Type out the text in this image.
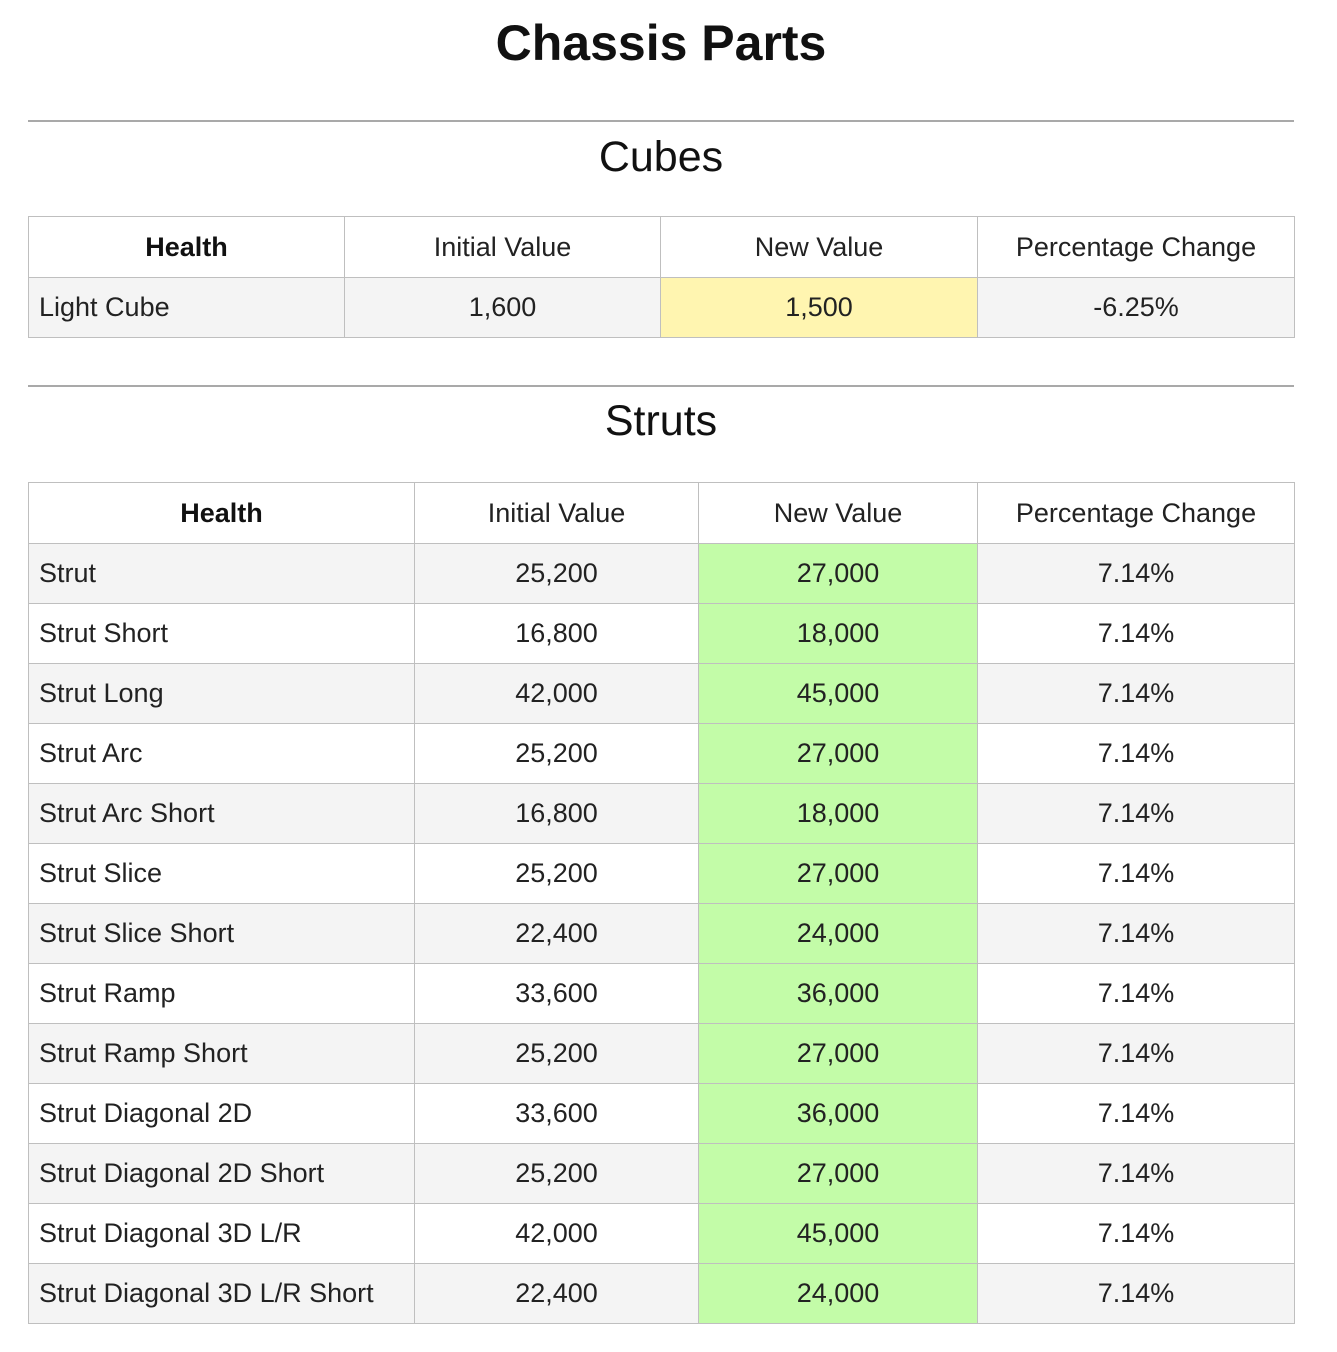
Chassis Parts
Cubes
Health	Initial Value	New Value	Percentage Change
Light Cube	1,600	1,500	-6.25%
Struts
Health	Initial Value	New Value	Percentage Change
Strut	25,200	27,000	7.14%
Strut Short	16,800	18,000	7.14%
Strut Long	42,000	45,000	7.14%
Strut Arc	25,200	27,000	7.14%
Strut Arc Short	16,800	18,000	7.14%
Strut Slice	25,200	27,000	7.14%
Strut Slice Short	22,400	24,000	7.14%
Strut Ramp	33,600	36,000	7.14%
Strut Ramp Short	25,200	27,000	7.14%
Strut Diagonal 2D	33,600	36,000	7.14%
Strut Diagonal 2D Short	25,200	27,000	7.14%
Strut Diagonal 3D L/R	42,000	45,000	7.14%
Strut Diagonal 3D L/R Short	22,400	24,000	7.14%
